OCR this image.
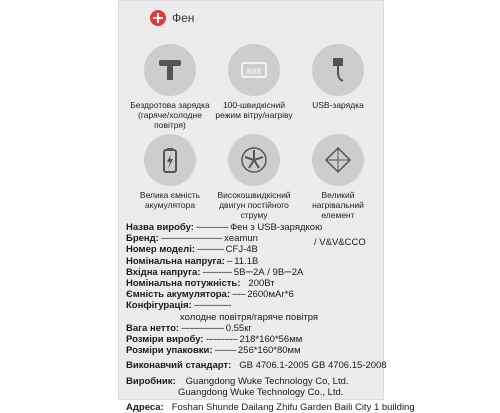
Фен
Бездротова зарядка (гаряче/холодне повітря)
888
100-швидкісний режим вітру/нагріву
USB-зарядка
Велика ємність акумулятора
Високошвидкісний двигун постійного струму
Великий нагрівальний елемент
Назва виробу: ------------ Фен з USB-зарядкою
Бренд: ----------------------- xeamun
Номер моделі: ---------- CFJ-4B
Номінальна напруга: -- 11.1В
Вхідна напруга: ----------- 5В⎓2А / 9В⎓2А
Номінальна потужність: 200Вт
Ємність акумулятора: ----- 2600мАг*6
Конфігурація: --------------
холодне повітря/гаряче повітря
Вага нетто: ---------------- 0.55кг
Розміри виробу: ------------ 218*160*56мм
Розміри упаковки: -------- 256*160*80мм
Виконавчий стандарт: GB 4706.1-2005 GB 4706.15-2008
Виробник:	Guangdong Wuke Technology Co, Ltd.
Guangdong Wuke Technology Co., Ltd.
Адреса: Foshan Shunde Dailang Zhifu Garden Baili City 1 building
/ V&V&CCO
